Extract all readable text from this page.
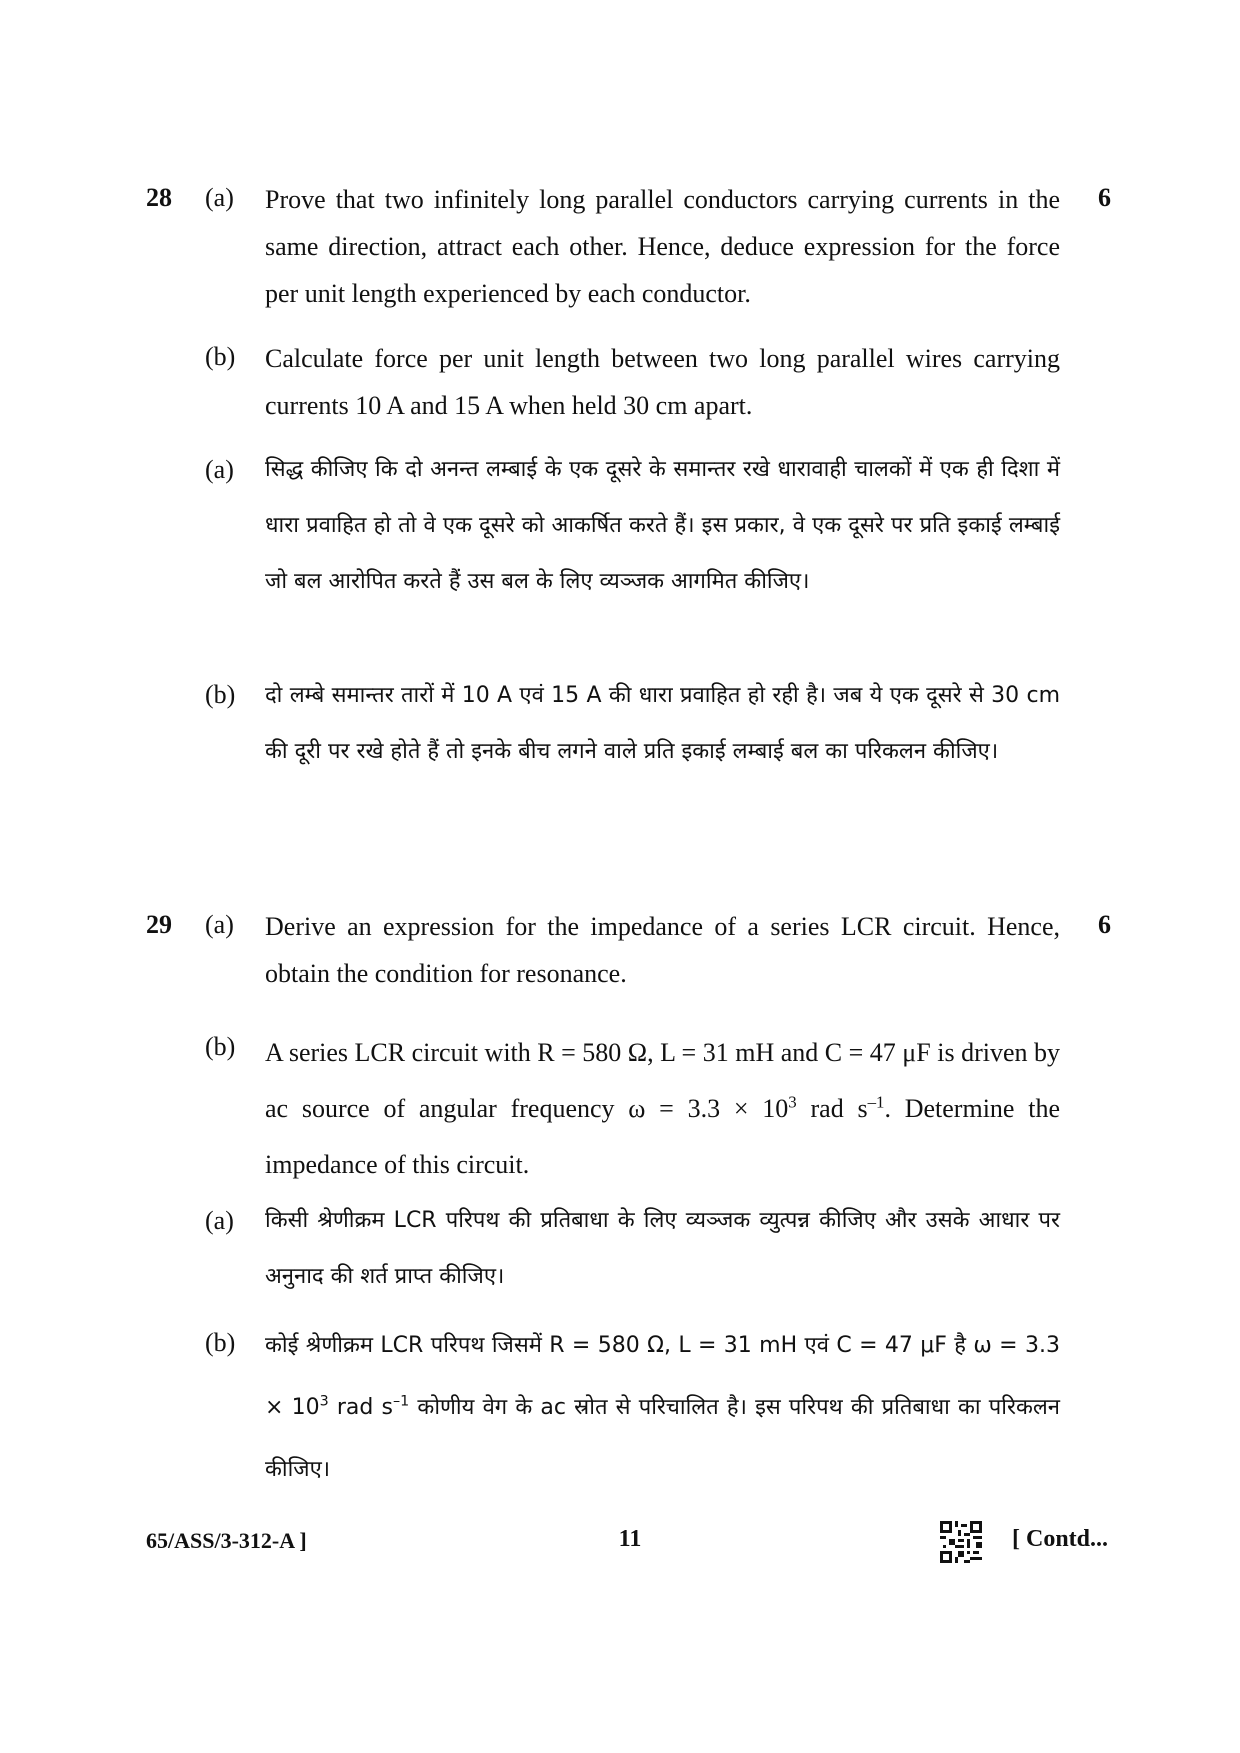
28	6
(a)	Prove that two infinitely long parallel conductors carrying currents in the same direction, attract each other. Hence, deduce expression for the force per unit length experienced by each conductor.
(b)	Calculate force per unit length between two long parallel wires carrying currents 10 A and 15 A when held 30 cm apart.
(a)	सिद्ध कीजिए कि दो अनन्त लम्बाई के एक दूसरे के समान्तर रखे धारावाही चालकों में एक ही दिशा में धारा प्रवाहित हो तो वे एक दूसरे को आकर्षित करते हैं। इस प्रकार, वे एक दूसरे पर प्रति इकाई लम्बाई जो बल आरोपित करते हैं उस बल के लिए व्यञ्जक आगमित कीजिए।
(b)	दो लम्बे समान्तर तारों में 10 A एवं 15 A की धारा प्रवाहित हो रही है। जब ये एक दूसरे से 30 cm की दूरी पर रखे होते हैं तो इनके बीच लगने वाले प्रति इकाई लम्बाई बल का परिकलन कीजिए।
29	6
(a)	Derive an expression for the impedance of a series LCR circuit. Hence, obtain the condition for resonance.
(b)	A series LCR circuit with R = 580 Ω, L = 31 mH and C = 47 μF is driven by ac source of angular frequency $\omega = 3.3 \times 10^3$ rad $s^{-1}$. Determine the impedance of this circuit.
(a)	किसी श्रेणीक्रम LCR परिपथ की प्रतिबाधा के लिए व्यञ्जक व्युत्पन्न कीजिए और उसके आधार पर अनुनाद की शर्त प्राप्त कीजिए।
(b)	कोई श्रेणीक्रम LCR परिपथ जिसमें R = 580 Ω, L = 31 mH एवं C = 47 μF है $\omega = 3.3 \times 10^3$ rad $s^{-1}$ कोणीय वेग के ac स्रोत से परिचालित है। इस परिपथ की प्रतिबाधा का परिकलन कीजिए।
65/ASS/3-312-A ]	11	[ Contd...
